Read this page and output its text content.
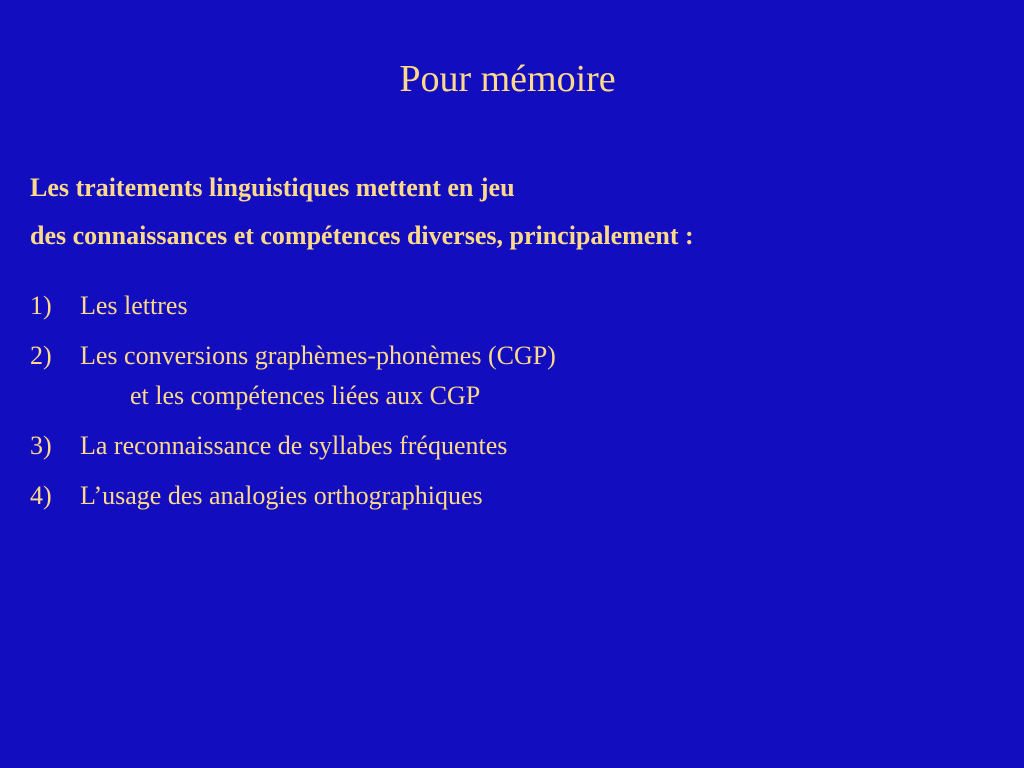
Pour mémoire
Les traitements linguistiques mettent en jeu
des connaissances et compétences diverses, principalement :
1) Les lettres
2) Les conversions graphèmes-phonèmes (CGP)
et les compétences liées aux CGP
3) La reconnaissance de syllabes fréquentes
4) L’usage des analogies orthographiques
